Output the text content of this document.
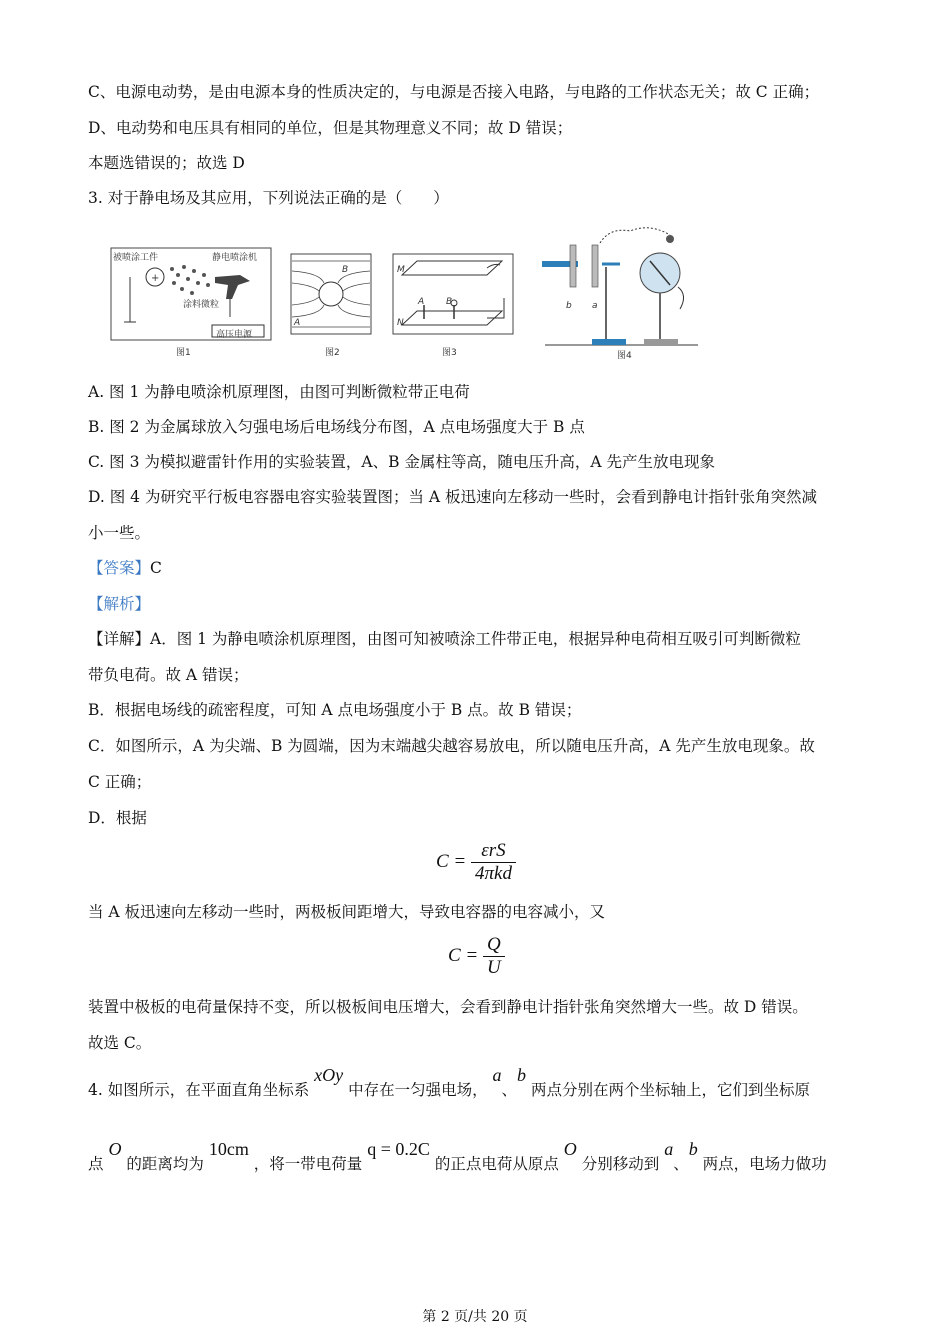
C、电源电动势，是由电源本身的性质决定的，与电源是否接入电路，与电路的工作状态无关；故 C 正确；
D、电动势和电压具有相同的单位，但是其物理意义不同；故 D 错误；
本题选错误的；故选 D
3. 对于静电场及其应用，下列说法正确的是（　　）
+
被喷涂工件	静电喷涂机
涂料微粒
高压电源
图1
A
B
图2
M
N
A B
图3
b a
图4
A. 图 1 为静电喷涂机原理图，由图可判断微粒带正电荷
B. 图 2 为金属球放入匀强电场后电场线分布图，A 点电场强度大于 B 点
C. 图 3 为模拟避雷针作用的实验装置，A、B 金属柱等高，随电压升高，A 先产生放电现象
D. 图 4 为研究平行板电容器电容实验装置图；当 A 板迅速向左移动一些时，会看到静电计指针张角突然减
小一些。
【答案】C
【解析】
【详解】A．图 1 为静电喷涂机原理图，由图可知被喷涂工件带正电，根据异种电荷相互吸引可判断微粒
带负电荷。故 A 错误；
B．根据电场线的疏密程度，可知 A 点电场强度小于 B 点。故 B 错误；
C．如图所示，A 为尖端、B 为圆端，因为末端越尖越容易放电，所以随电压升高，A 先产生放电现象。故
C 正确；
D．根据
$C = \frac{\text{εrS}}{\text{4πkd}}$
当 A 板迅速向左移动一些时，两极板间距增大，导致电容器的电容减小，又
$C = \frac{Q}{U}$
装置中极板的电荷量保持不变，所以极板间电压增大，会看到静电计指针张角突然增大一些。故 D 错误。
故选 C。
4. 如图所示，在平面直角坐标系 xOy 中存在一匀强电场， a、b 两点分别在两个坐标轴上，它们到坐标原
点 O 的距离均为 10cm ，将一带电荷量 q = 0.2C 的正点电荷从原点 O 分别移动到 a、b 两点，电场力做功
第 2 页/共 20 页
